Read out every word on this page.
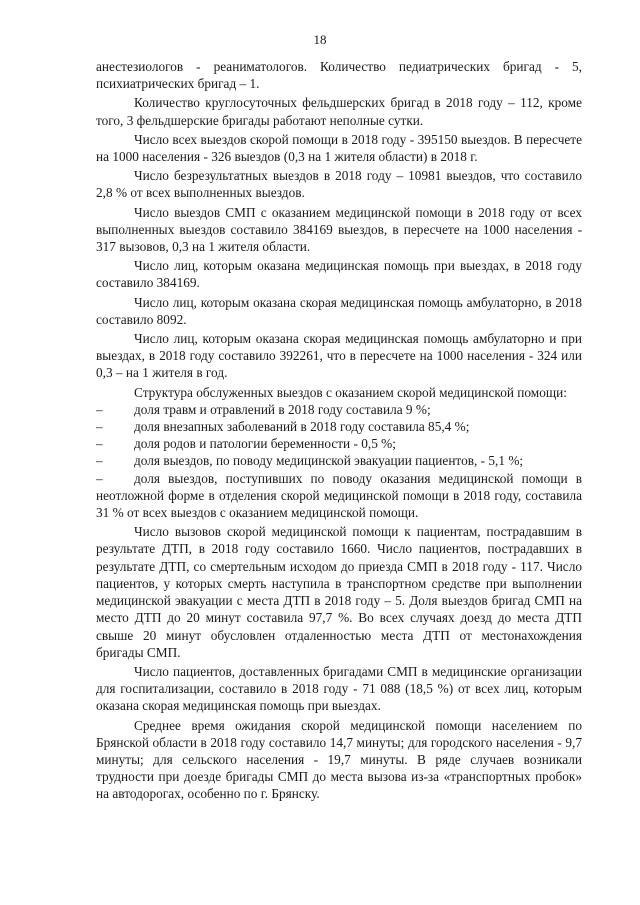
18

анестезиологов - реаниматологов. Количество педиатрических бригад - 5, психиатрических бригад – 1.

Количество круглосуточных фельдшерских бригад в 2018 году – 112, кроме того, 3 фельдшерские бригады работают неполные сутки.

Число всех выездов скорой помощи в 2018 году - 395150 выездов. В пересчете на 1000 населения - 326 выездов (0,3 на 1 жителя области) в 2018 г.

Число безрезультатных выездов в 2018 году – 10981 выездов, что составило 2,8 % от всех выполненных выездов.

Число выездов СМП с оказанием медицинской помощи в 2018 году от всех выполненных выездов составило 384169 выездов, в пересчете на 1000 населения - 317 вызовов, 0,3 на 1 жителя области.

Число лиц, которым оказана медицинская помощь при выездах, в 2018 году составило 384169.

Число лиц, которым оказана скорая медицинская помощь амбулаторно, в 2018 составило 8092.

Число лиц, которым оказана скорая медицинская помощь амбулаторно и при выездах, в 2018 году составило 392261, что в пересчете на 1000 населения - 324 или 0,3 – на 1 жителя в год.

Структура обслуженных выездов с оказанием скорой медицинской помощи:

–	доля травм и отравлений в 2018 году составила 9 %;

–	доля внезапных заболеваний в 2018 году составила 85,4 %;

–	доля родов и патологии беременности - 0,5 %;

–	доля выездов, по поводу медицинской эвакуации пациентов, - 5,1 %;

–	доля выездов, поступивших по поводу оказания медицинской помощи в неотложной форме в отделения скорой медицинской помощи в 2018 году, составила 31 % от всех выездов с оказанием медицинской помощи.

Число вызовов скорой медицинской помощи к пациентам, пострадавшим в результате ДТП, в 2018 году составило 1660. Число пациентов, пострадавших в результате ДТП, со смертельным исходом до приезда СМП в 2018 году - 117. Число пациентов, у которых смерть наступила в транспортном средстве при выполнении медицинской эвакуации с места ДТП в 2018 году – 5. Доля выездов бригад СМП на место ДТП до 20 минут составила 97,7 %. Во всех случаях доезд до места ДТП свыше 20 минут обусловлен отдаленностью места ДТП от местонахождения бригады СМП.

Число пациентов, доставленных бригадами СМП в медицинские организации для госпитализации, составило в 2018 году - 71 088 (18,5 %) от всех лиц, которым оказана скорая медицинская помощь при выездах.

Среднее время ожидания скорой медицинской помощи населением по Брянской области в 2018 году составило 14,7 минуты; для городского населения - 9,7 минуты; для сельского населения - 19,7 минуты. В ряде случаев возникали трудности при доезде бригады СМП до места вызова из-за «транспортных пробок» на автодорогах, особенно по г. Брянску.
